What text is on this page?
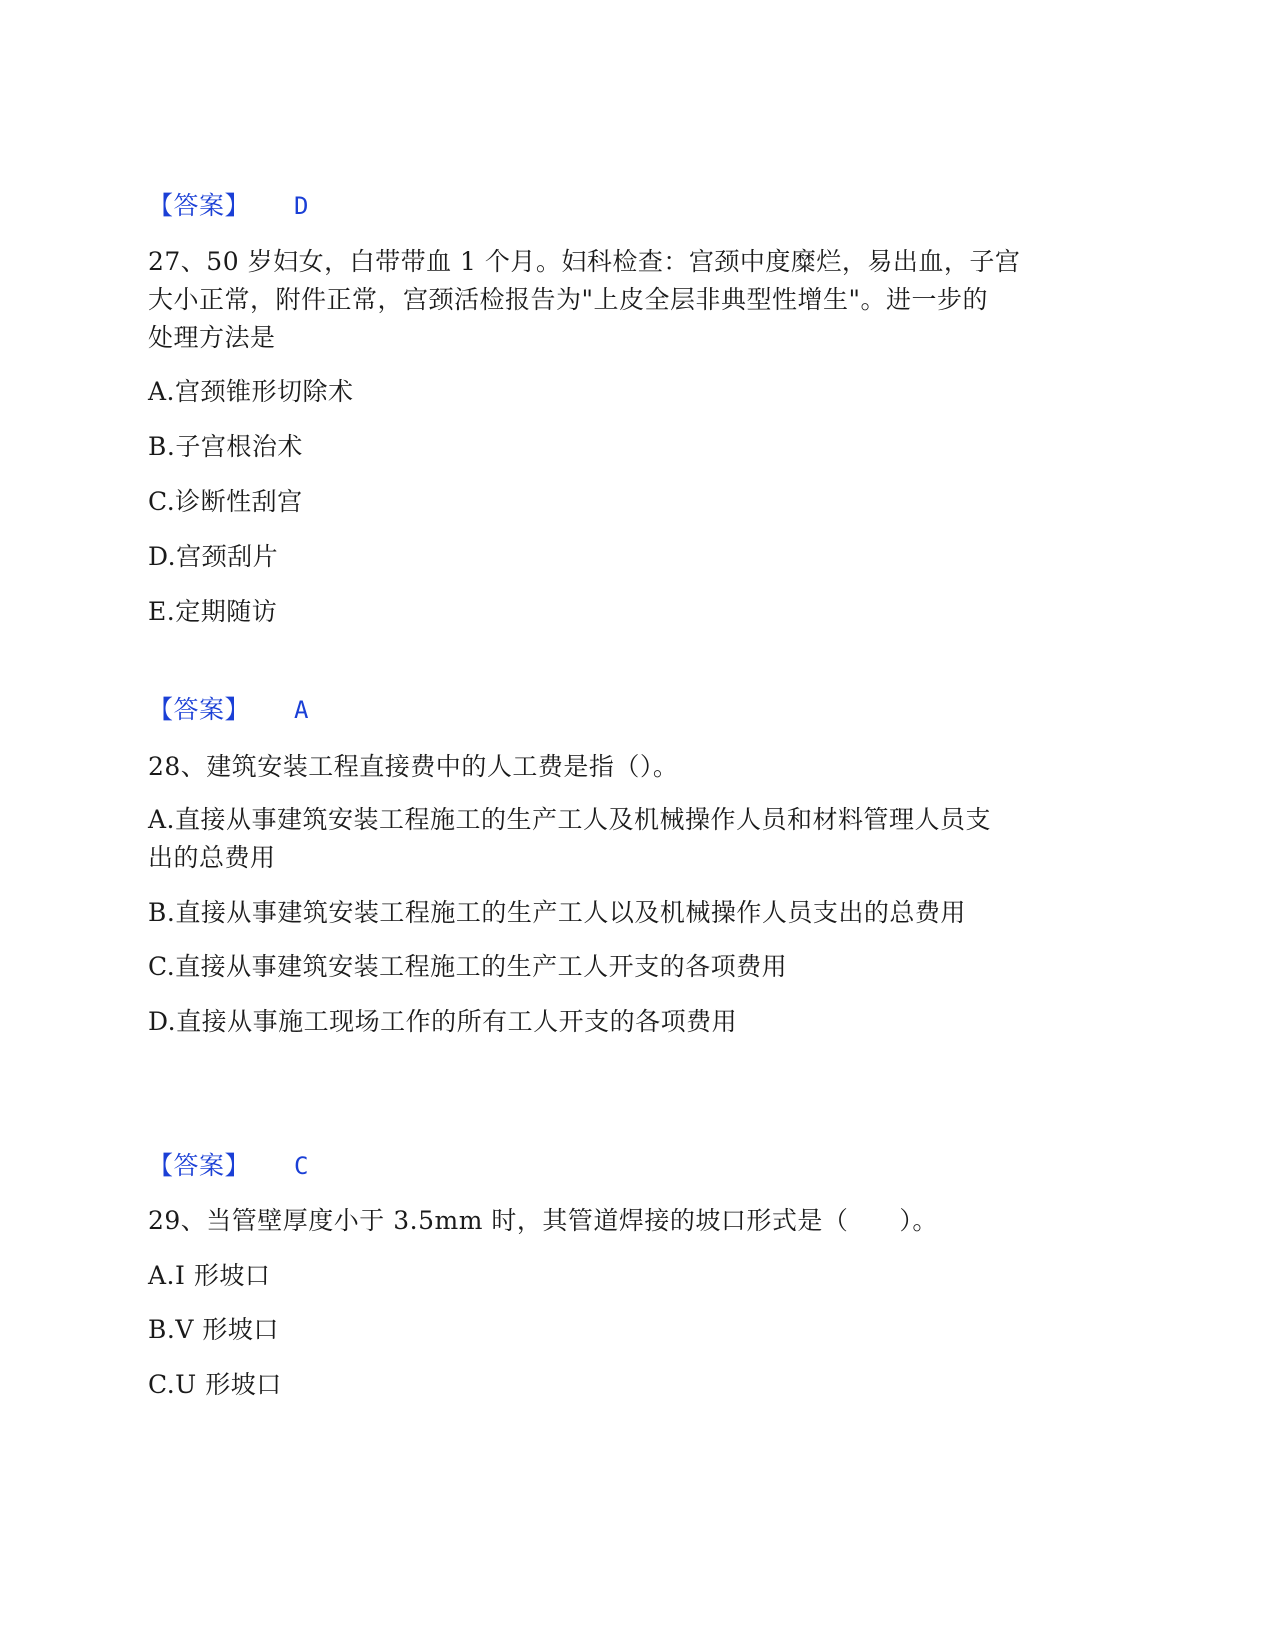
【答案】 D
27、50 岁妇女，白带带血 1 个月。妇科检查：宫颈中度糜烂，易出血，子宫
大小正常，附件正常，宫颈活检报告为"上皮全层非典型性增生"。进一步的
处理方法是
A.宫颈锥形切除术
B.子宫根治术
C.诊断性刮宫
D.宫颈刮片
E.定期随访
【答案】 A
28、建筑安装工程直接费中的人工费是指（）。
A.直接从事建筑安装工程施工的生产工人及机械操作人员和材料管理人员支
出的总费用
B.直接从事建筑安装工程施工的生产工人以及机械操作人员支出的总费用
C.直接从事建筑安装工程施工的生产工人开支的各项费用
D.直接从事施工现场工作的所有工人开支的各项费用
【答案】 C
29、当管壁厚度小于 3.5mm 时，其管道焊接的坡口形式是（　　）。
A.I 形坡口
B.V 形坡口
C.U 形坡口
